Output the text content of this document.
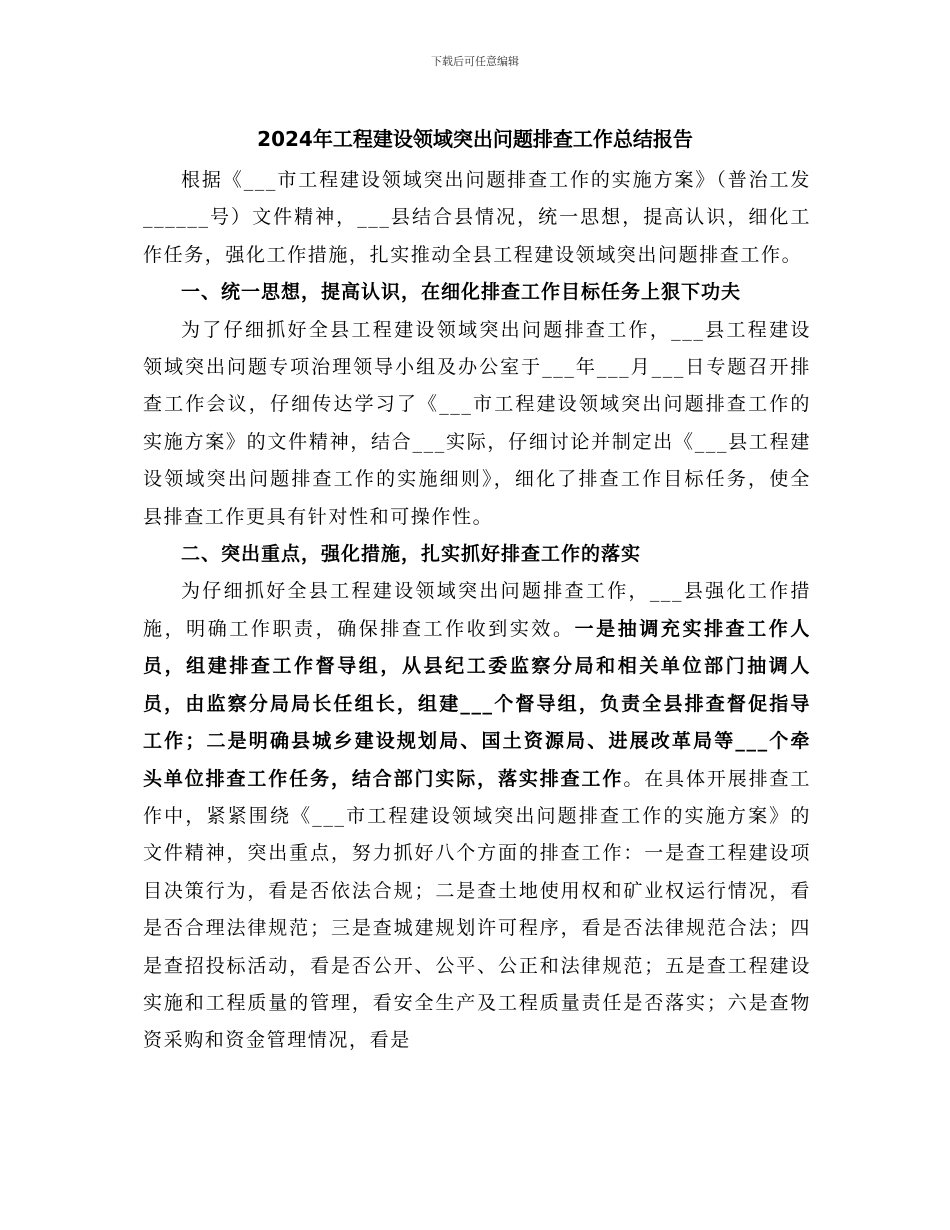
下载后可任意编辑
2024年工程建设领域突出问题排查工作总结报告

根据《___市工程建设领域突出问题排查工作的实施方案》（普治工发______号）文件精神，___县结合县情况，统一思想，提高认识，细化工作任务，强化工作措施，扎实推动全县工程建设领域突出问题排查工作。

一、统一思想，提高认识，在细化排查工作目标任务上狠下功夫

为了仔细抓好全县工程建设领域突出问题排查工作，___县工程建设领域突出问题专项治理领导小组及办公室于___年___月___日专题召开排查工作会议，仔细传达学习了《___市工程建设领域突出问题排查工作的实施方案》的文件精神，结合___实际，仔细讨论并制定出《___县工程建设领域突出问题排查工作的实施细则》，细化了排查工作目标任务，使全县排查工作更具有针对性和可操作性。

二、突出重点，强化措施，扎实抓好排查工作的落实

为仔细抓好全县工程建设领域突出问题排查工作，___县强化工作措施，明确工作职责，确保排查工作收到实效。一是抽调充实排查工作人员，组建排查工作督导组，从县纪工委监察分局和相关单位部门抽调人员，由监察分局局长任组长，组建___个督导组，负责全县排查督促指导工作；二是明确县城乡建设规划局、国土资源局、进展改革局等___个牵头单位排查工作任务，结合部门实际，落实排查工作。在具体开展排查工作中，紧紧围绕《___市工程建设领域突出问题排查工作的实施方案》的文件精神，突出重点，努力抓好八个方面的排查工作：一是查工程建设项目决策行为，看是否依法合规；二是查土地使用权和矿业权运行情况，看是否合理法律规范；三是查城建规划许可程序，看是否法律规范合法；四是查招投标活动，看是否公开、公平、公正和法律规范；五是查工程建设实施和工程质量的管理，看安全生产及工程质量责任是否落实；六是查物资采购和资金管理情况，看是
